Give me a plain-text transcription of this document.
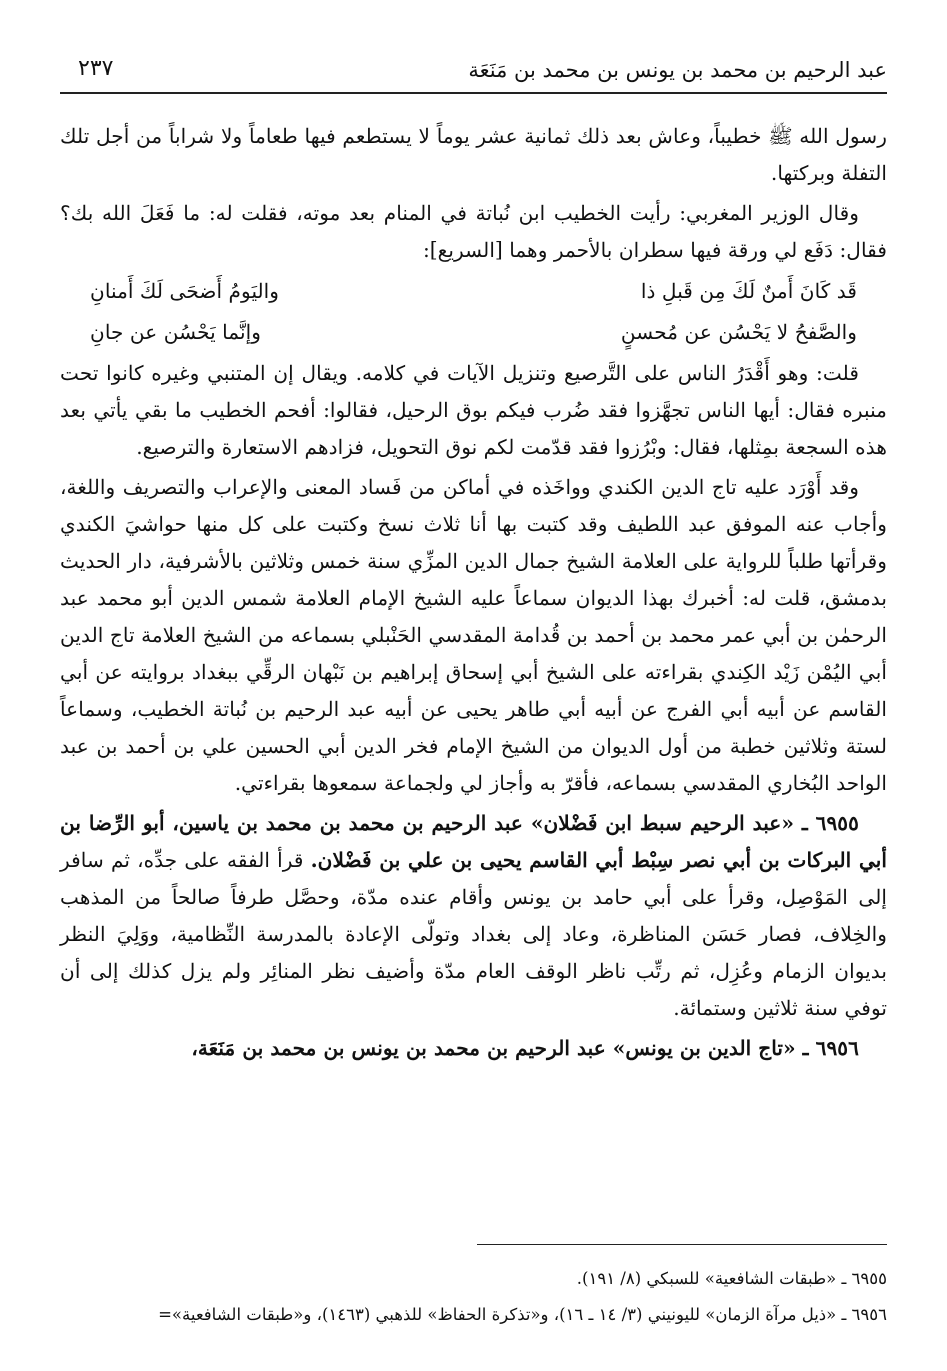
عبد الرحيم بن محمد بن يونس بن محمد بن مَنَعَة
٢٣٧

رسول الله ﷺ خطيباً، وعاش بعد ذلك ثمانية عشر يوماً لا يستطعم فيها طعاماً ولا شراباً من أجل تلك التفلة وبركتها.

وقال الوزير المغربي: رأيت الخطيب ابن نُباتة في المنام بعد موته، فقلت له: ما فَعَلَ الله بك؟ فقال: دَفَع لي ورقة فيها سطران بالأحمر وهما [السريع]:

قَد كَانَ أَمنٌ لَكَ مِن قَبلِ ذا
واليَومُ أَضحَى لَكَ أَمنانِ
والصَّفحُ لا يَحْسُن عن مُحسنٍ
وإنَّما يَحْسُن عن جانِ

قلت: وهو أَقْدَرُ الناس على التَّرصيع وتنزيل الآيات في كلامه. ويقال إن المتنبي وغيره كانوا تحت منبره فقال: أيها الناس تجهَّزوا فقد ضُرب فيكم بوق الرحيل، فقالوا: أفحم الخطيب ما بقي يأتي بعد هذه السجعة بمِثلها، فقال: وبْرُزوا فقد قدّمت لكم نوق التحويل، فزادهم الاستعارة والترصيع.

وقد أَوْرَد عليه تاج الدين الكندي وواخَذه في أماكن من فَساد المعنى والإعراب والتصريف واللغة، وأجاب عنه الموفق عبد اللطيف وقد كتبت بها أنا ثلاث نسخ وكتبت على كل منها حواشيَ الكندي وقرأتها طلباً للرواية على العلامة الشيخ جمال الدين المزِّي سنة خمس وثلاثين بالأشرفية، دار الحديث بدمشق، قلت له: أخبرك بهذا الديوان سماعاً عليه الشيخ الإمام العلامة شمس الدين أبو محمد عبد الرحمٰن بن أبي عمر محمد بن أحمد بن قُدامة المقدسي الحَنْبلي بسماعه من الشيخ العلامة تاج الدين أبي اليُمْن زَيْد الكِندي بقراءته على الشيخ أبي إسحاق إبراهيم بن نَبْهان الرقِّي ببغداد بروايته عن أبي القاسم عن أبيه أبي الفرج عن أبيه أبي طاهر يحيى عن أبيه عبد الرحيم بن نُباتة الخطيب، وسماعاً لستة وثلاثين خطبة من أول الديوان من الشيخ الإمام فخر الدين أبي الحسين علي بن أحمد بن عبد الواحد البُخاري المقدسي بسماعه، فأقرّ به وأجاز لي ولجماعة سمعوها بقراءتي.

٦٩٥٥ ـ «عبد الرحيم سبط ابن فَضْلان» عبد الرحيم بن محمد بن محمد بن ياسين، أبو الرِّضا بن أبي البركات بن أبي نصر سِبْط أبي القاسم يحيى بن علي بن فَضْلان. قرأ الفقه على جدِّه، ثم سافر إلى المَوْصِل، وقرأ على أبي حامد بن يونس وأقام عنده مدّة، وحصَّل طرفاً صالحاً من المذهب والخِلاف، فصار حَسَن المناظرة، وعاد إلى بغداد وتولّى الإعادة بالمدرسة النِّظامية، ووَلِيَ النظر بديوان الزمام وعُزِل، ثم رتِّب ناظر الوقف العام مدّة وأضيف نظر المنائِر ولم يزل كذلك إلى أن توفي سنة ثلاثين وستمائة.

٦٩٥٦ ـ «تاج الدين بن يونس» عبد الرحيم بن محمد بن يونس بن محمد بن مَنَعَة،

٦٩٥٥ ـ «طبقات الشافعية» للسبكي (٨/ ١٩١).
٦٩٥٦ ـ «ذيل مرآة الزمان» لليونيني (٣/ ١٤ ـ ١٦)، و«تذكرة الحفاظ» للذهبي (١٤٦٣)، و«طبقات الشافعية»=
